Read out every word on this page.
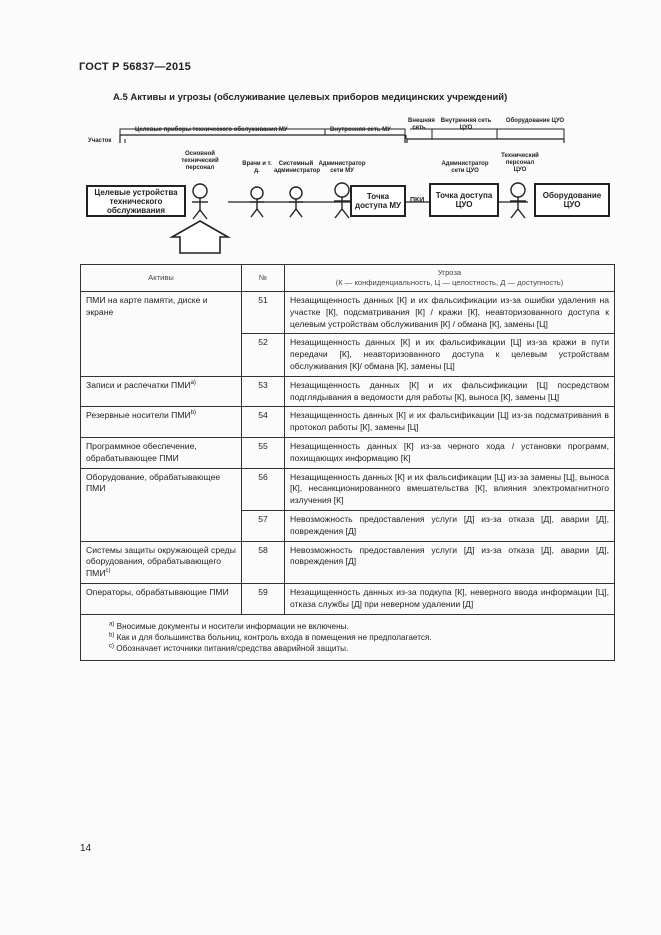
ГОСТ Р 56837—2015
А.5 Активы и угрозы (обслуживание целевых приборов медицинских учреждений)
Участок
Целевые приборы технического обслуживания МУ	Внутренняя сеть МУ
Внешняя сеть
Внутренняя сеть ЦУО
Оборудование ЦУО
Основной технический персонал
Врачи и т. д.
Системный администратор
Администратор сети МУ
Администратор сети ЦУО
Технический персонал ЦУО
Целевые устройства технического обслуживания
Точка доступа МУ
ПКИ
Точка доступа ЦУО
Оборудование ЦУО
Активы	№	Угроза
(К — конфиденциальность, Ц — целостность, Д — доступность)

ПМИ на карте памяти, диске и экране	51	Незащищенность данных [К] и их фальсификации из-за ошибки удаления на участке [К], подсматривания [К] / кражи [К], неавторизованного доступа к целевым устройствам обслуживания [К] / обмана [К], замены [Ц]
	52	Незащищенность данных [К] и их фальсификации [Ц] из-за кражи в пути передачи [К], неавторизованного доступа к целевым устройствам обслуживания [К]/ обмана [К], замены [Ц]
Записи и распечатки ПМИ$^{a)}$	53	Незащищенность данных [К] и их фальсификации [Ц] посредством подглядывания в ведомости для работы [К], выноса [К], замены [Ц]
Резервные носители ПМИ$^{b)}$	54	Незащищенность данных [К] и их фальсификации [Ц] из-за подсматривания в протокол работы [К], замены [Ц]
Программное обеспечение, обрабатывающее ПМИ	55	Незащищенность данных [К] из-за черного хода / установки программ, похищающих информацию [К]
Оборудование, обрабатывающее ПМИ	56	Незащищенность данных [К] и их фальсификации [Ц] из-за замены [Ц], выноса [К], несанкционированного вмешательства [К], влияния электромагнитного излучения [К]
	57	Невозможность предоставления услуги [Д] из-за отказа [Д], аварии [Д], повреждения [Д]
Системы защиты окружающей среды оборудования, обрабатывающего ПМИ$^{c)}$	58	Невозможность предоставления услуги [Д] из-за отказа [Д], аварии [Д], повреждения [Д]
Операторы, обрабатывающие ПМИ	59	Незащищенность данных из-за подкупа [К], неверного ввода информации [Ц], отказа службы [Д] при неверном удалении [Д]

$^{a)}$ Вносимые документы и носители информации не включены.
$^{b)}$ Как и для большинства больниц, контроль входа в помещения не предполагается.
$^{c)}$ Обозначает источники питания/средства аварийной защиты.		
14
